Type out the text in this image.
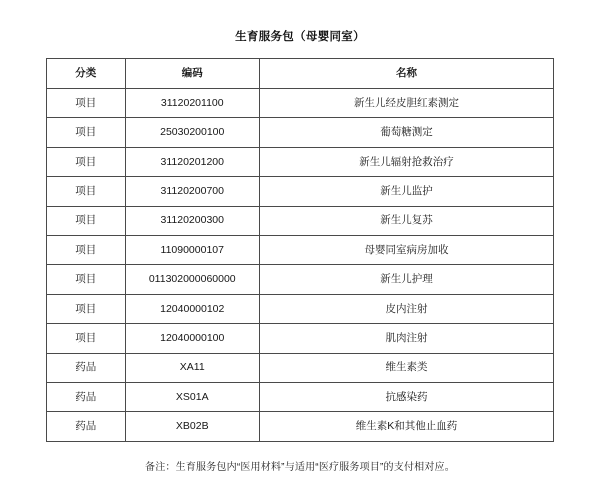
生育服务包（母婴同室）
分类	编码	名称
项目	31120201100	新生儿经皮胆红素测定
项目	25030200100	葡萄糖测定
项目	31120201200	新生儿辐射抢救治疗
项目	31120200700	新生儿监护
项目	31120200300	新生儿复苏
项目	11090000107	母婴同室病房加收
项目	011302000060000	新生儿护理
项目	12040000102	皮内注射
项目	12040000100	肌肉注射
药品	XA11	维生素类
药品	XS01A	抗感染药
药品	XB02B	维生素K和其他止血药
备注：生育服务包内“医用材料”与适用“医疗服务项目”的支付相对应。
